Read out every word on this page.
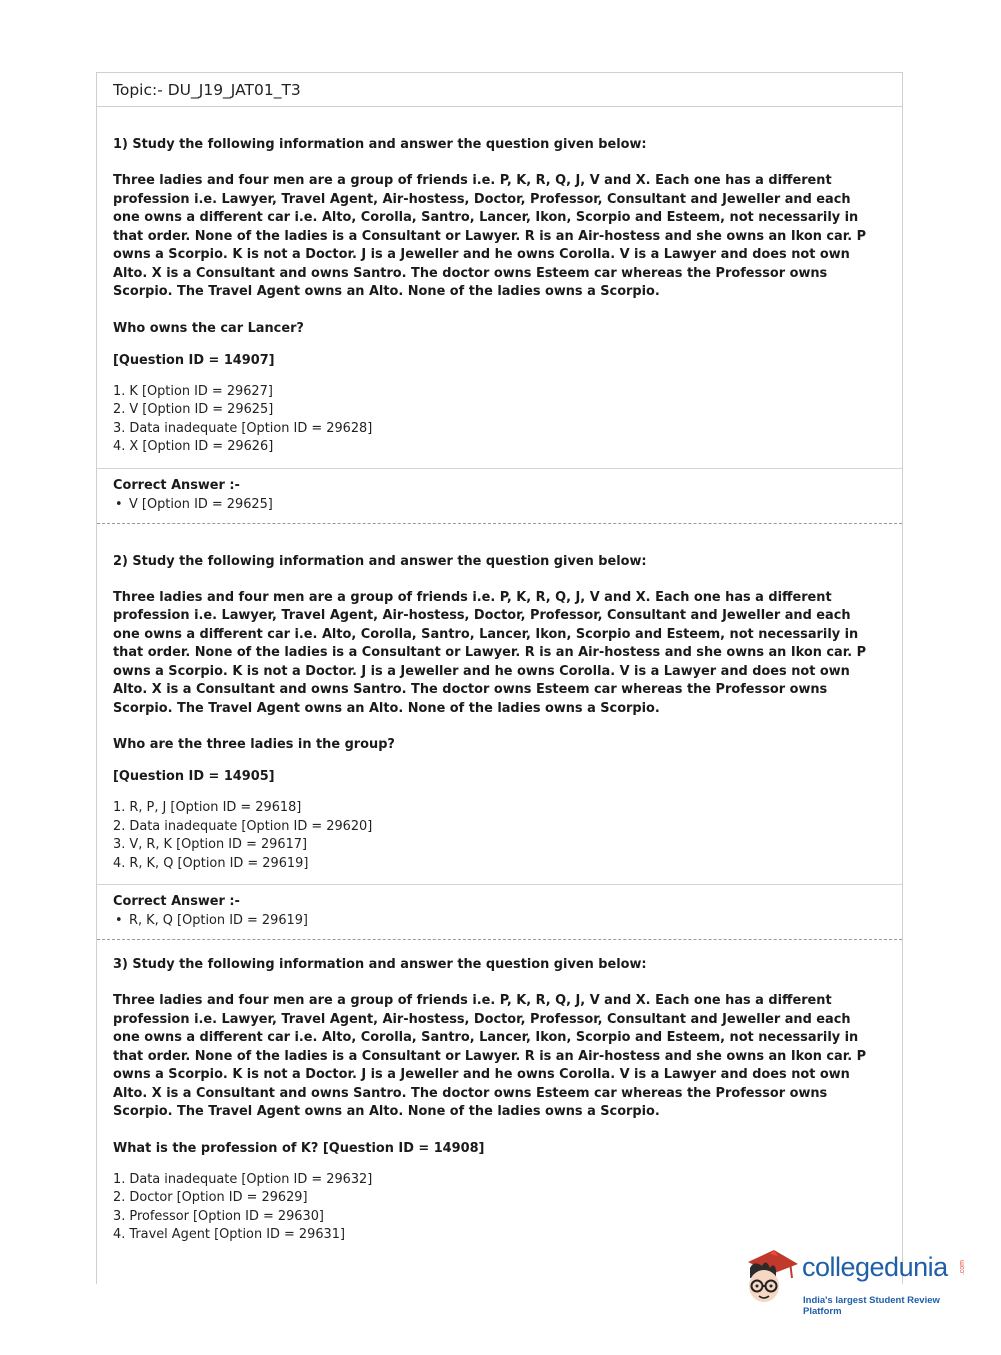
Topic:- DU_J19_JAT01_T3

1) Study the following information and answer the question given below:

Three ladies and four men are a group of friends i.e. P, K, R, Q, J, V and X. Each one has a different profession i.e. Lawyer, Travel Agent, Air-hostess, Doctor, Professor, Consultant and Jeweller and each one owns a different car i.e. Alto, Corolla, Santro, Lancer, Ikon, Scorpio and Esteem, not necessarily in that order. None of the ladies is a Consultant or Lawyer. R is an Air-hostess and she owns an Ikon car. P owns a Scorpio. K is not a Doctor. J is a Jeweller and he owns Corolla. V is a Lawyer and does not own Alto. X is a Consultant and owns Santro. The doctor owns Esteem car whereas the Professor owns Scorpio. The Travel Agent owns an Alto. None of the ladies owns a Scorpio.

Who owns the car Lancer?

[Question ID = 14907]

1. K [Option ID = 29627]
2. V [Option ID = 29625]
3. Data inadequate [Option ID = 29628]
4. X [Option ID = 29626]

Correct Answer :-

• V [Option ID = 29625]

2) Study the following information and answer the question given below:

Three ladies and four men are a group of friends i.e. P, K, R, Q, J, V and X. Each one has a different profession i.e. Lawyer, Travel Agent, Air-hostess, Doctor, Professor, Consultant and Jeweller and each one owns a different car i.e. Alto, Corolla, Santro, Lancer, Ikon, Scorpio and Esteem, not necessarily in that order. None of the ladies is a Consultant or Lawyer. R is an Air-hostess and she owns an Ikon car. P owns a Scorpio. K is not a Doctor. J is a Jeweller and he owns Corolla. V is a Lawyer and does not own Alto. X is a Consultant and owns Santro. The doctor owns Esteem car whereas the Professor owns Scorpio. The Travel Agent owns an Alto. None of the ladies owns a Scorpio.

Who are the three ladies in the group?

[Question ID = 14905]

1. R, P, J [Option ID = 29618]
2. Data inadequate [Option ID = 29620]
3. V, R, K [Option ID = 29617]
4. R, K, Q [Option ID = 29619]

Correct Answer :-

• R, K, Q [Option ID = 29619]

3) Study the following information and answer the question given below:

Three ladies and four men are a group of friends i.e. P, K, R, Q, J, V and X. Each one has a different profession i.e. Lawyer, Travel Agent, Air-hostess, Doctor, Professor, Consultant and Jeweller and each one owns a different car i.e. Alto, Corolla, Santro, Lancer, Ikon, Scorpio and Esteem, not necessarily in that order. None of the ladies is a Consultant or Lawyer. R is an Air-hostess and she owns an Ikon car. P owns a Scorpio. K is not a Doctor. J is a Jeweller and he owns Corolla. V is a Lawyer and does not own Alto. X is a Consultant and owns Santro. The doctor owns Esteem car whereas the Professor owns Scorpio. The Travel Agent owns an Alto. None of the ladies owns a Scorpio.

What is the profession of K? [Question ID = 14908]

1. Data inadequate [Option ID = 29632]
2. Doctor [Option ID = 29629]
3. Professor [Option ID = 29630]
4. Travel Agent [Option ID = 29631]
collegedunia .com
India's largest Student Review Platform
